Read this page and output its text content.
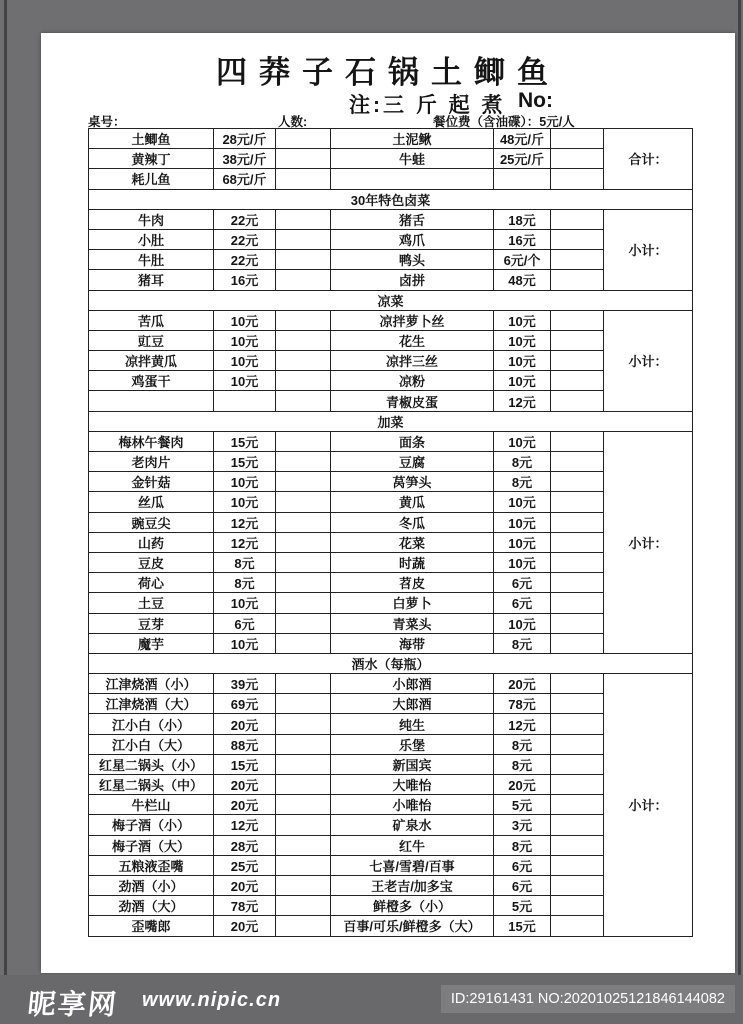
四莽子石锅土鲫鱼
注:三 斤 起 煮 No:
桌号：	人数:	餐位费（含油碟）：5元/人
土鲫鱼	28元/斤		土泥鳅	48元/斤		合计：
黄辣丁	38元/斤		牛蛙	25元/斤		
耗儿鱼	68元/斤					
30年特色卤菜						
牛肉	22元		猪舌	18元		小计：
小肚	22元		鸡爪	16元		
牛肚	22元		鸭头	6元/个		
猪耳	16元		卤拼	48元		
凉菜						
苦瓜	10元		凉拌萝卜丝	10元		小计：
豇豆	10元		花生	10元		
凉拌黄瓜	10元		凉拌三丝	10元		
鸡蛋干	10元		凉粉	10元		
			青椒皮蛋	12元		
加菜						
梅林午餐肉	15元		面条	10元		小计：
老肉片	15元		豆腐	8元		
金针菇	10元		莴笋头	8元		
丝瓜	10元		黄瓜	10元		
豌豆尖	12元		冬瓜	10元		
山药	12元		花菜	10元		
豆皮	8元		时蔬	10元		
荷心	8元		苕皮	6元		
土豆	10元		白萝卜	6元		
豆芽	6元		青菜头	10元		
魔芋	10元		海带	8元		
酒水（每瓶）						
江津烧酒（小）	39元		小郎酒	20元		小计：
江津烧酒（大）	69元		大郎酒	78元		
江小白（小）	20元		纯生	12元		
江小白（大）	88元		乐堡	8元		
红星二锅头（小）	15元		新国宾	8元		
红星二锅头（中）	20元		大唯怡	20元		
牛栏山	20元		小唯怡	5元		
梅子酒（小）	12元		矿泉水	3元		
梅子酒（大）	28元		红牛	8元		
五粮液歪嘴	25元		七喜/雪碧/百事	6元		
劲酒（小）	20元		王老吉/加多宝	6元		
劲酒（大）	78元		鲜橙多（小）	5元		
歪嘴郎	20元		百事/可乐/鲜橙多（大）	15元		
昵享网 www.nipic.cn	ID:29161431 NO:20201025121846144082
